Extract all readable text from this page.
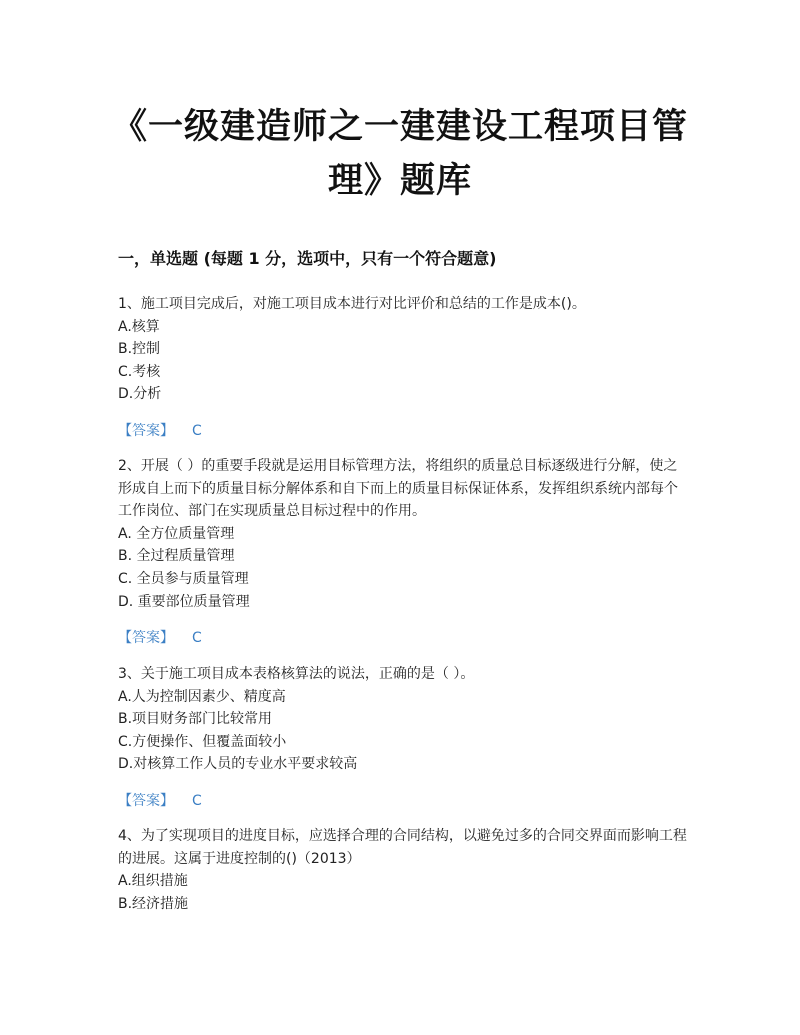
《一级建造师之一建建设工程项目管
理》题库
一，单选题 (每题 1 分，选项中，只有一个符合题意)

1、施工项目完成后，对施工项目成本进行对比评价和总结的工作是成本()。

A.核算

B.控制

C.考核

D.分析

【答案】 C

2、开展（ ）的重要手段就是运用目标管理方法，将组织的质量总目标逐级进行分解，使之形成自上而下的质量目标分解体系和自下而上的质量目标保证体系，发挥组织系统内部每个工作岗位、部门在实现质量总目标过程中的作用。

A. 全方位质量管理

B. 全过程质量管理

C. 全员参与质量管理

D. 重要部位质量管理

【答案】 C

3、关于施工项目成本表格核算法的说法，正确的是（ ）。

A.人为控制因素少、精度高

B.项目财务部门比较常用

C.方便操作、但覆盖面较小

D.对核算工作人员的专业水平要求较高

【答案】 C

4、为了实现项目的进度目标，应选择合理的合同结构，以避免过多的合同交界面而影响工程的进展。这属于进度控制的()（2013）

A.组织措施

B.经济措施
